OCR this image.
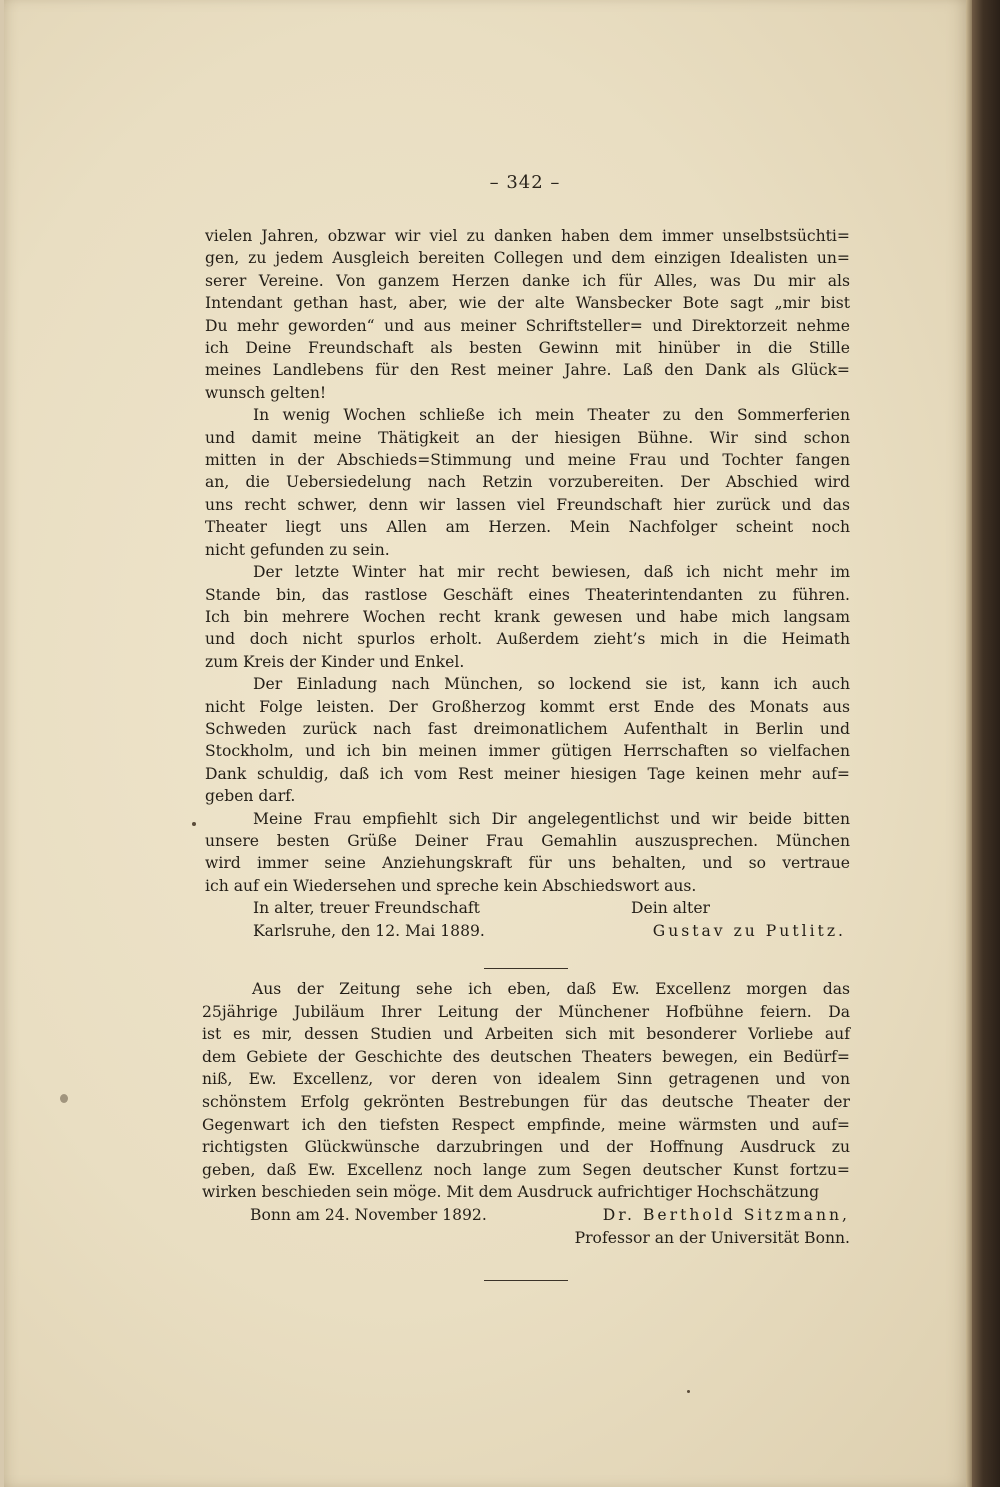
– 342 –
vielen Jahren, obzwar wir viel zu danken haben dem immer unselbstsüchti=
gen, zu jedem Ausgleich bereiten Collegen und dem einzigen Idealisten un=
serer Vereine. Von ganzem Herzen danke ich für Alles, was Du mir als
Intendant gethan hast, aber, wie der alte Wansbecker Bote sagt „mir bist
Du mehr geworden“ und aus meiner Schriftsteller= und Direktorzeit nehme
ich Deine Freundschaft als besten Gewinn mit hinüber in die Stille
meines Landlebens für den Rest meiner Jahre. Laß den Dank als Glück=
wunsch gelten!
In wenig Wochen schließe ich mein Theater zu den Sommerferien
und damit meine Thätigkeit an der hiesigen Bühne. Wir sind schon
mitten in der Abschieds=Stimmung und meine Frau und Tochter fangen
an, die Uebersiedelung nach Retzin vorzubereiten. Der Abschied wird
uns recht schwer, denn wir lassen viel Freundschaft hier zurück und das
Theater liegt uns Allen am Herzen. Mein Nachfolger scheint noch
nicht gefunden zu sein.
Der letzte Winter hat mir recht bewiesen, daß ich nicht mehr im
Stande bin, das rastlose Geschäft eines Theaterintendanten zu führen.
Ich bin mehrere Wochen recht krank gewesen und habe mich langsam
und doch nicht spurlos erholt. Außerdem zieht’s mich in die Heimath
zum Kreis der Kinder und Enkel.
Der Einladung nach München, so lockend sie ist, kann ich auch
nicht Folge leisten. Der Großherzog kommt erst Ende des Monats aus
Schweden zurück nach fast dreimonatlichem Aufenthalt in Berlin und
Stockholm, und ich bin meinen immer gütigen Herrschaften so vielfachen
Dank schuldig, daß ich vom Rest meiner hiesigen Tage keinen mehr auf=
geben darf.
Meine Frau empfiehlt sich Dir angelegentlichst und wir beide bitten
unsere besten Grüße Deiner Frau Gemahlin auszusprechen. München
wird immer seine Anziehungskraft für uns behalten, und so vertraue
ich auf ein Wiedersehen und spreche kein Abschiedswort aus.
In alter, treuer Freundschaft	Dein alter
Karlsruhe, den 12. Mai 1889.	Gustav zu Putlitz.
Aus der Zeitung sehe ich eben, daß Ew. Excellenz morgen das
25jährige Jubiläum Ihrer Leitung der Münchener Hofbühne feiern. Da
ist es mir, dessen Studien und Arbeiten sich mit besonderer Vorliebe auf
dem Gebiete der Geschichte des deutschen Theaters bewegen, ein Bedürf=
niß, Ew. Excellenz, vor deren von idealem Sinn getragenen und von
schönstem Erfolg gekrönten Bestrebungen für das deutsche Theater der
Gegenwart ich den tiefsten Respect empfinde, meine wärmsten und auf=
richtigsten Glückwünsche darzubringen und der Hoffnung Ausdruck zu
geben, daß Ew. Excellenz noch lange zum Segen deutscher Kunst fortzu=
wirken beschieden sein möge. Mit dem Ausdruck aufrichtiger Hochschätzung
Bonn am 24. November 1892.	Dr. Berthold Sitzmann,
Professor an der Universität Bonn.
